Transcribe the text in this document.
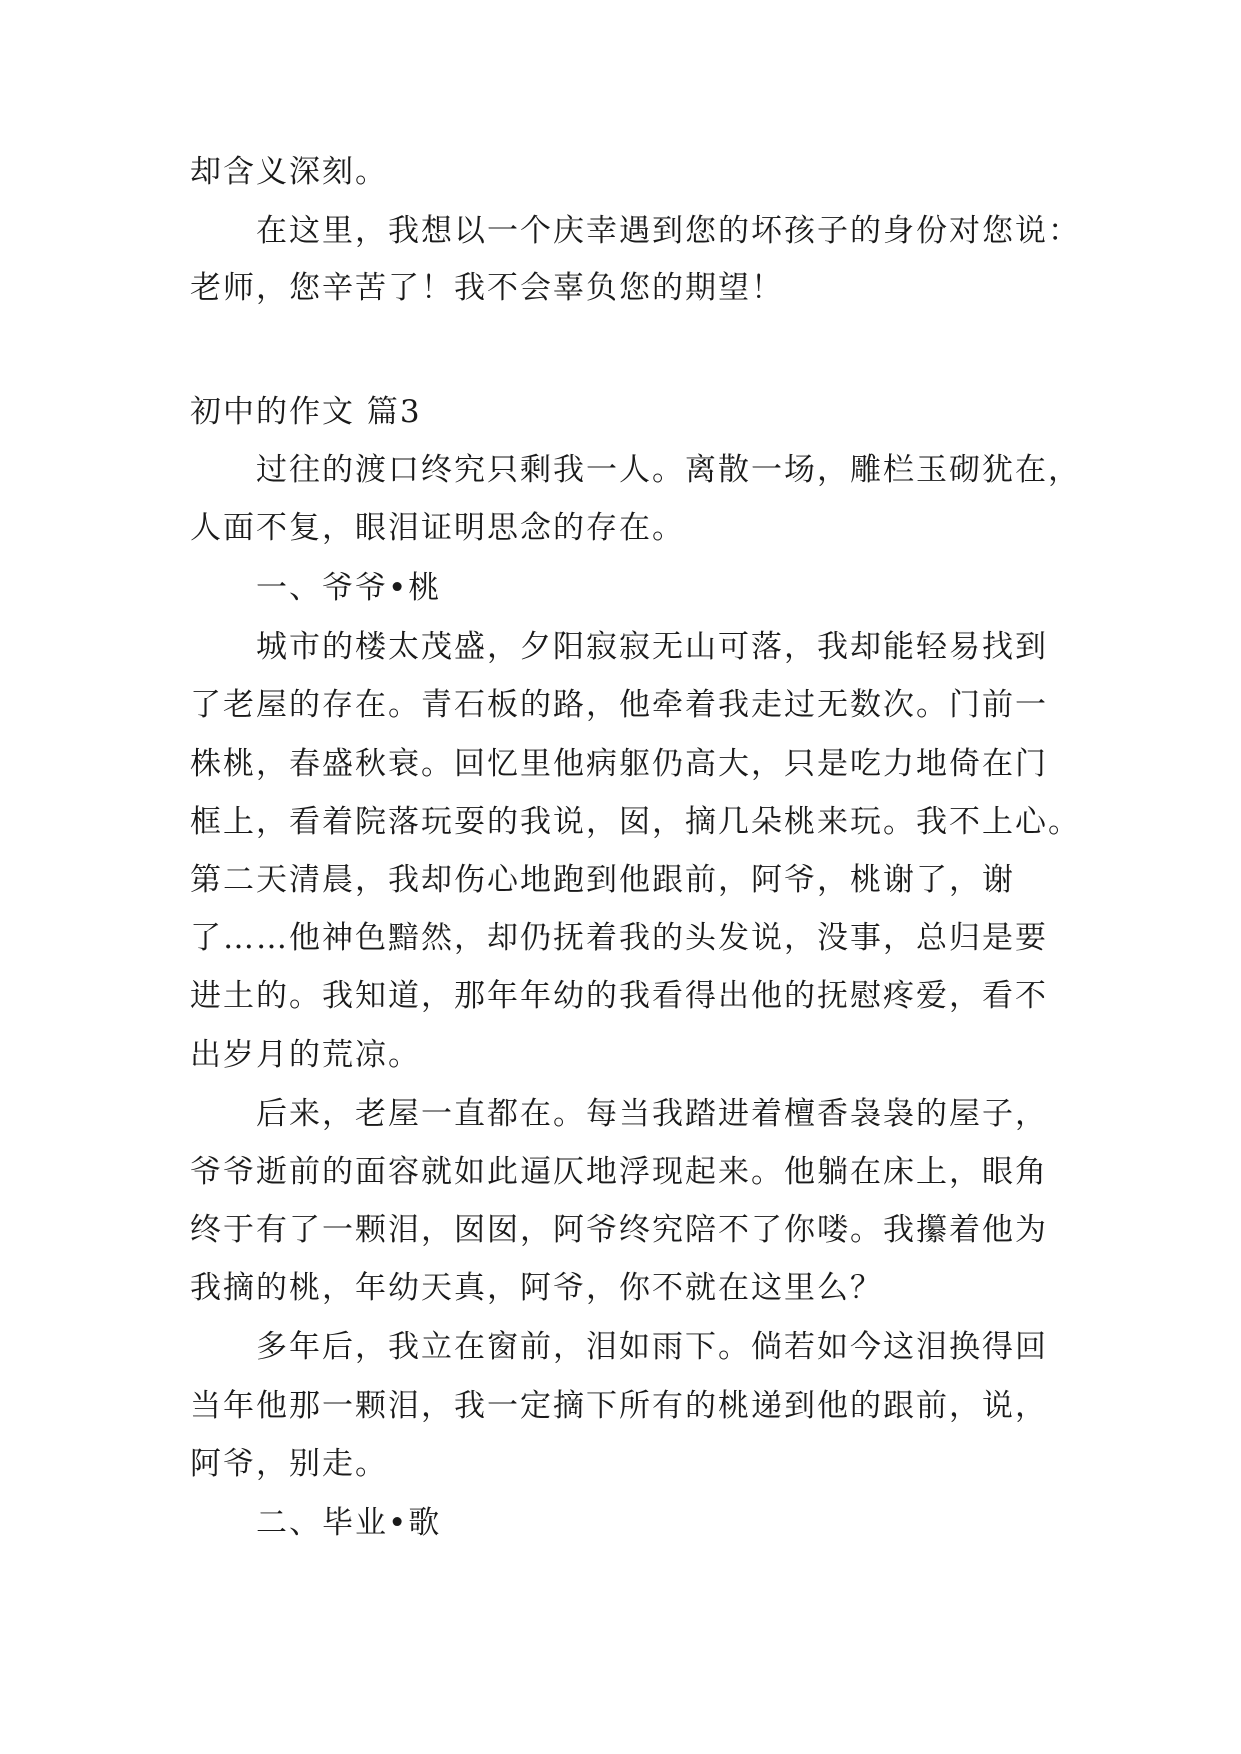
却含义深刻。
在这里，我想以一个庆幸遇到您的坏孩子的身份对您说：
老师，您辛苦了！我不会辜负您的期望！
初中的作文 篇3
过往的渡口终究只剩我一人。离散一场，雕栏玉砌犹在，
人面不复，眼泪证明思念的存在。
一、爷爷•桃
城市的楼太茂盛，夕阳寂寂无山可落，我却能轻易找到
了老屋的存在。青石板的路，他牵着我走过无数次。门前一
株桃，春盛秋衰。回忆里他病躯仍高大，只是吃力地倚在门
框上，看着院落玩耍的我说，囡，摘几朵桃来玩。我不上心。
第二天清晨，我却伤心地跑到他跟前，阿爷，桃谢了，谢
了……他神色黯然，却仍抚着我的头发说，没事，总归是要
进土的。我知道，那年年幼的我看得出他的抚慰疼爱，看不
出岁月的荒凉。
后来，老屋一直都在。每当我踏进着檀香袅袅的屋子，
爷爷逝前的面容就如此逼仄地浮现起来。他躺在床上，眼角
终于有了一颗泪，囡囡，阿爷终究陪不了你喽。我攥着他为
我摘的桃，年幼天真，阿爷，你不就在这里么？
多年后，我立在窗前，泪如雨下。倘若如今这泪换得回
当年他那一颗泪，我一定摘下所有的桃递到他的跟前，说，
阿爷，别走。
二、毕业•歌
